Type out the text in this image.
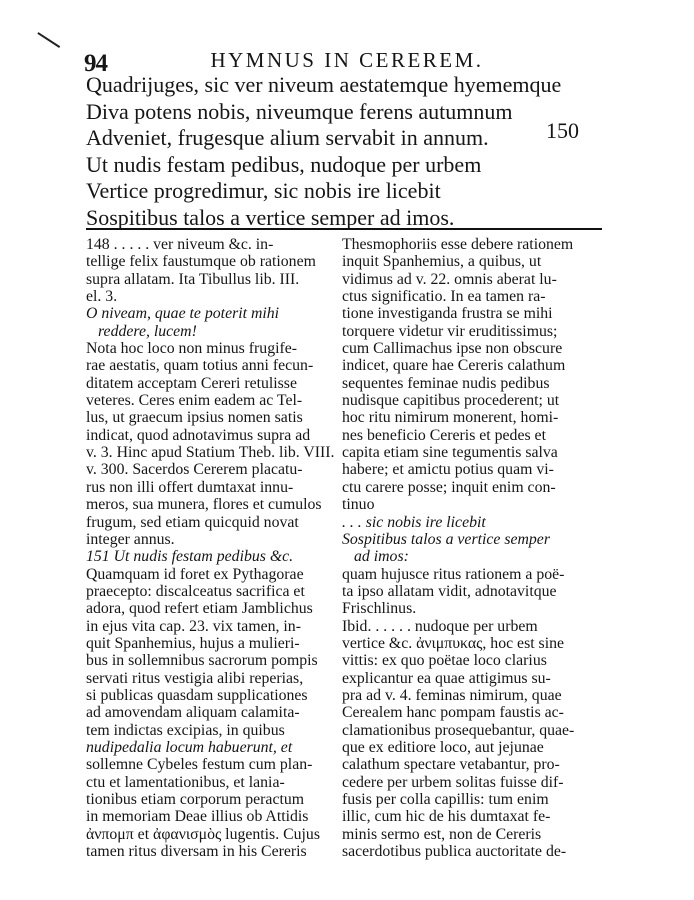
94	HYMNUS IN CEREREM.
Quadrijuges, sic ver niveum aestatemque hyememque
Diva potens nobis, niveumque ferens autumnum
Adveniet, frugesque alium servabit in annum.
Ut nudis festam pedibus, nudoque per urbem
Vertice progredimur, sic nobis ire licebit
Sospitibus talos a vertice semper ad imos.
150
148 . . . . . ver niveum &c. in-
tellige felix faustumque ob rationem
supra allatam. Ita Tibullus lib. III.
el. 3.
O niveam, quae te poterit mihi
reddere, lucem!
Nota hoc loco non minus frugife-
rae aestatis, quam totius anni fecun-
ditatem acceptam Cereri retulisse
veteres. Ceres enim eadem ac Tel-
lus, ut graecum ipsius nomen satis
indicat, quod adnotavimus supra ad
v. 3. Hinc apud Statium Theb. lib. VIII.
v. 300. Sacerdos Cererem placatu-
rus non illi offert dumtaxat innu-
meros, sua munera, flores et cumulos
frugum, sed etiam quicquid novat
integer annus.
151 Ut nudis festam pedibus &c.
Quamquam id foret ex Pythagorae
praecepto: discalceatus sacrifica et
adora, quod refert etiam Jamblichus
in ejus vita cap. 23. vix tamen, in-
quit Spanhemius, hujus a mulieri-
bus in sollemnibus sacrorum pompis
servati ritus vestigia alibi reperias,
si publicas quasdam supplicationes
ad amovendam aliquam calamita-
tem indictas excipias, in quibus
nudipedalia locum habuerunt, et
sollemne Cybeles festum cum plan-
ctu et lamentationibus, et lania-
tionibus etiam corporum peractum
in memoriam Deae illius ob Attidis
ἀνπομπ et ἀφανισμὸς lugentis. Cujus
tamen ritus diversam in his Cereris
Thesmophoriis esse debere rationem
inquit Spanhemius, a quibus, ut
vidimus ad v. 22. omnis aberat lu-
ctus significatio. In ea tamen ra-
tione investiganda frustra se mihi
torquere videtur vir eruditissimus;
cum Callimachus ipse non obscure
indicet, quare hae Cereris calathum
sequentes feminae nudis pedibus
nudisque capitibus procederent; ut
hoc ritu nimirum monerent, homi-
nes beneficio Cereris et pedes et
capita etiam sine tegumentis salva
habere; et amictu potius quam vi-
ctu carere posse; inquit enim con-
tinuo
. . . sic nobis ire licebit
Sospitibus talos a vertice semper
ad imos:
quam hujusce ritus rationem a poë-
ta ipso allatam vidit, adnotavitque
Frischlinus.
Ibid. . . . . . nudoque per urbem
vertice &c. ἀνιμπυκας, hoc est sine
vittis: ex quo poëtae loco clarius
explicantur ea quae attigimus su-
pra ad v. 4. feminas nimirum, quae
Cerealem hanc pompam faustis ac-
clamationibus prosequebantur, quae-
que ex editiore loco, aut jejunae
calathum spectare vetabantur, pro-
cedere per urbem solitas fuisse dif-
fusis per colla capillis: tum enim
illic, cum hic de his dumtaxat fe-
minis sermo est, non de Cereris
sacerdotibus publica auctoritate de-
